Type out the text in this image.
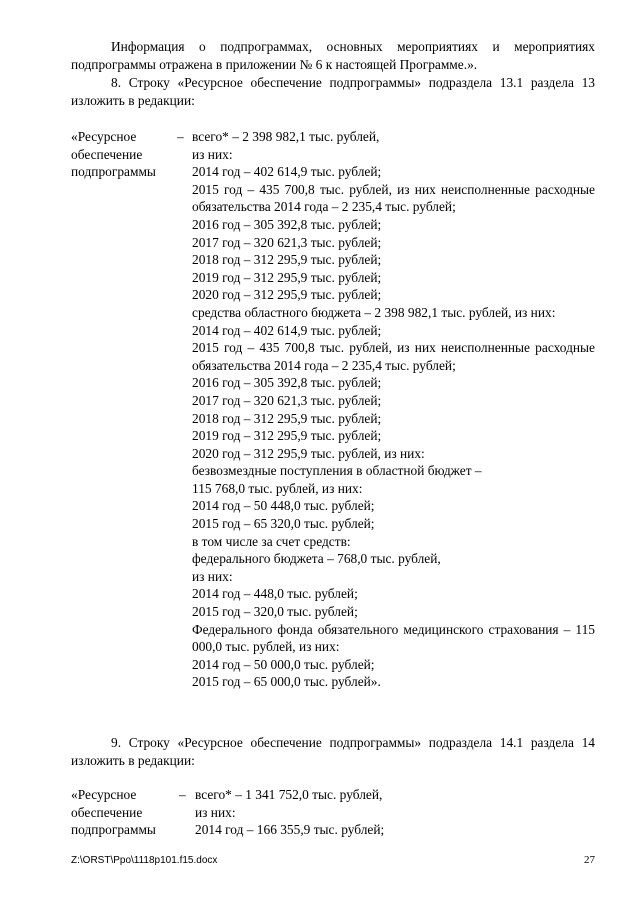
Информация о подпрограммах, основных мероприятиях и мероприятиях подпрограммы отражена в приложении № 6 к настоящей Программе.».
8. Строку «Ресурсное обеспечение подпрограммы» подраздела 13.1 раздела 13 изложить в редакции:
«Ресурсное
обеспечение
подпрограммы
– всего* – 2 398 982,1 тыс. рублей,
из них:
2014 год – 402 614,9 тыс. рублей;
2015 год – 435 700,8 тыс. рублей, из них неисполненные расходные обязательства 2014 года – 2 235,4 тыс. рублей;
2016 год – 305 392,8 тыс. рублей;
2017 год – 320 621,3 тыс. рублей;
2018 год – 312 295,9 тыс. рублей;
2019 год – 312 295,9 тыс. рублей;
2020 год – 312 295,9 тыс. рублей;
средства областного бюджета – 2 398 982,1 тыс. рублей, из них:
2014 год – 402 614,9 тыс. рублей;
2015 год – 435 700,8 тыс. рублей, из них неисполненные расходные обязательства 2014 года – 2 235,4 тыс. рублей;
2016 год – 305 392,8 тыс. рублей;
2017 год – 320 621,3 тыс. рублей;
2018 год – 312 295,9 тыс. рублей;
2019 год – 312 295,9 тыс. рублей;
2020 год – 312 295,9 тыс. рублей, из них:
безвозмездные поступления в областной бюджет –
115 768,0 тыс. рублей, из них:
2014 год – 50 448,0 тыс. рублей;
2015 год – 65 320,0 тыс. рублей;
в том числе за счет средств:
федерального бюджета – 768,0 тыс. рублей,
из них:
2014 год – 448,0 тыс. рублей;
2015 год – 320,0 тыс. рублей;
Федерального фонда обязательного медицинского страхования – 115 000,0 тыс. рублей, из них:
2014 год – 50 000,0 тыс. рублей;
2015 год – 65 000,0 тыс. рублей».
9. Строку «Ресурсное обеспечение подпрограммы» подраздела 14.1 раздела 14 изложить в редакции:
«Ресурсное
обеспечение
подпрограммы
– всего* – 1 341 752,0 тыс. рублей,
из них:
2014 год – 166 355,9 тыс. рублей;
Z:\ORST\Ppo\1118p101.f15.docx	27
